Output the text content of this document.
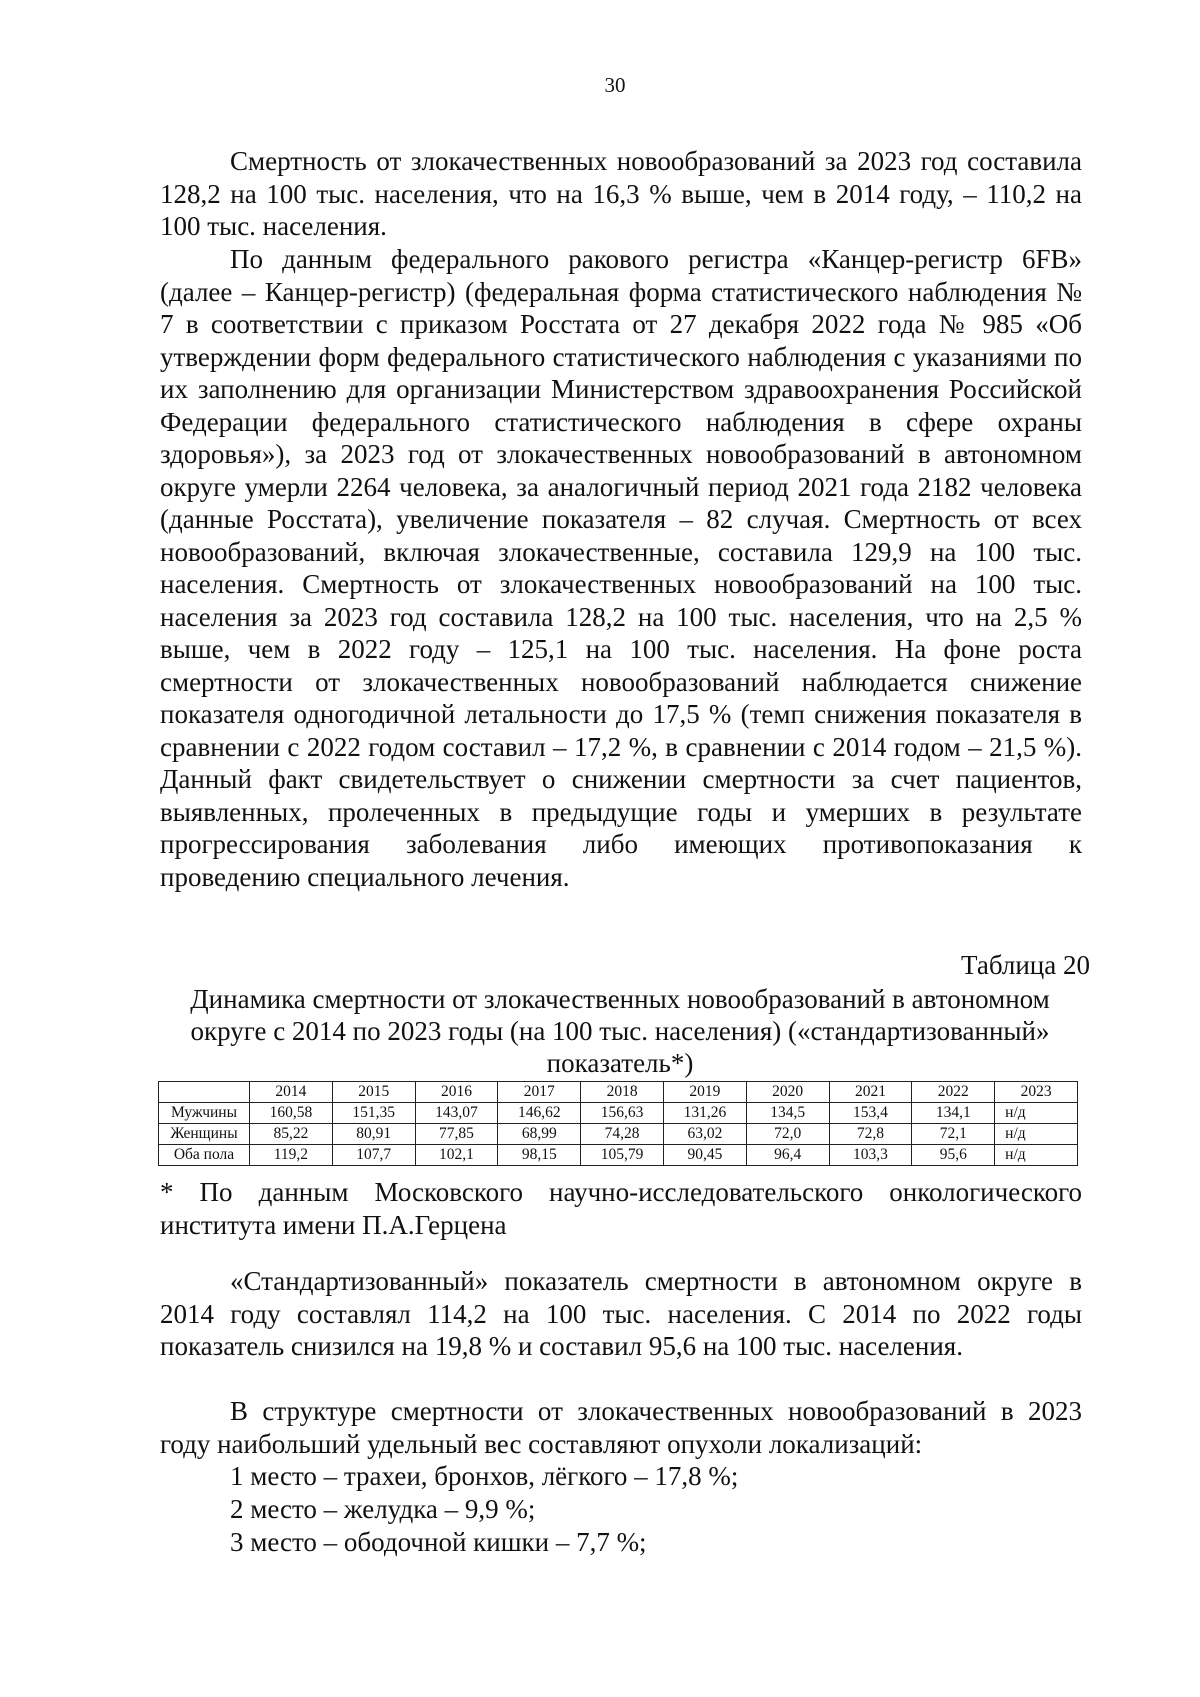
30

Смертность от злокачественных новообразований за 2023 год составила 128,2 на 100 тыс. населения, что на 16,3 % выше, чем в 2014 году, – 110,2 на 100 тыс. населения.

По данным федерального ракового регистра «Канцер-регистр 6FB» (далее – Канцер-регистр) (федеральная форма статистического наблюдения № 7 в соответствии с приказом Росстата от 27 декабря 2022 года № 985 «Об утверждении форм федерального статистического наблюдения с указаниями по их заполнению для организации Министерством здравоохранения Российской Федерации федерального статистического наблюдения в сфере охраны здоровья»), за 2023 год от злокачественных новообразований в автономном округе умерли 2264 человека, за аналогичный период 2021 года 2182 человека (данные Росстата), увеличение показателя – 82 случая. Смертность от всех новообразований, включая злокачественные, составила 129,9 на 100 тыс. населения. Смертность от злокачественных новообразований на 100 тыс. населения за 2023 год составила 128,2 на 100 тыс. населения, что на 2,5 % выше, чем в 2022 году – 125,1 на 100 тыс. населения. На фоне роста смертности от злокачественных новообразований наблюдается снижение показателя одногодичной летальности до 17,5 % (темп снижения показателя в сравнении с 2022 годом составил – 17,2 %, в сравнении с 2014 годом – 21,5 %). Данный факт свидетельствует о снижении смертности за счет пациентов, выявленных, пролеченных в предыдущие годы и умерших в результате прогрессирования заболевания либо имеющих противопоказания к проведению специального лечения.

Таблица 20

Динамика смертности от злокачественных новообразований в автономном округе с 2014 по 2023 годы (на 100 тыс. населения) («стандартизованный» показатель*)

	2014	2015	2016	2017	2018	2019	2020	2021	2022	2023
Мужчины	160,58	151,35	143,07	146,62	156,63	131,26	134,5	153,4	134,1	н/д
Женщины	85,22	80,91	77,85	68,99	74,28	63,02	72,0	72,8	72,1	н/д
Оба пола	119,2	107,7	102,1	98,15	105,79	90,45	96,4	103,3	95,6	н/д

* По данным Московского научно-исследовательского онкологического института имени П.А.Герцена

«Стандартизованный» показатель смертности в автономном округе в 2014 году составлял 114,2 на 100 тыс. населения. С 2014 по 2022 годы показатель снизился на 19,8 % и составил 95,6 на 100 тыс. населения.

В структуре смертности от злокачественных новообразований в 2023 году наибольший удельный вес составляют опухоли локализаций:

1 место – трахеи, бронхов, лёгкого – 17,8 %;
2 место – желудка – 9,9 %;
3 место – ободочной кишки – 7,7 %;
